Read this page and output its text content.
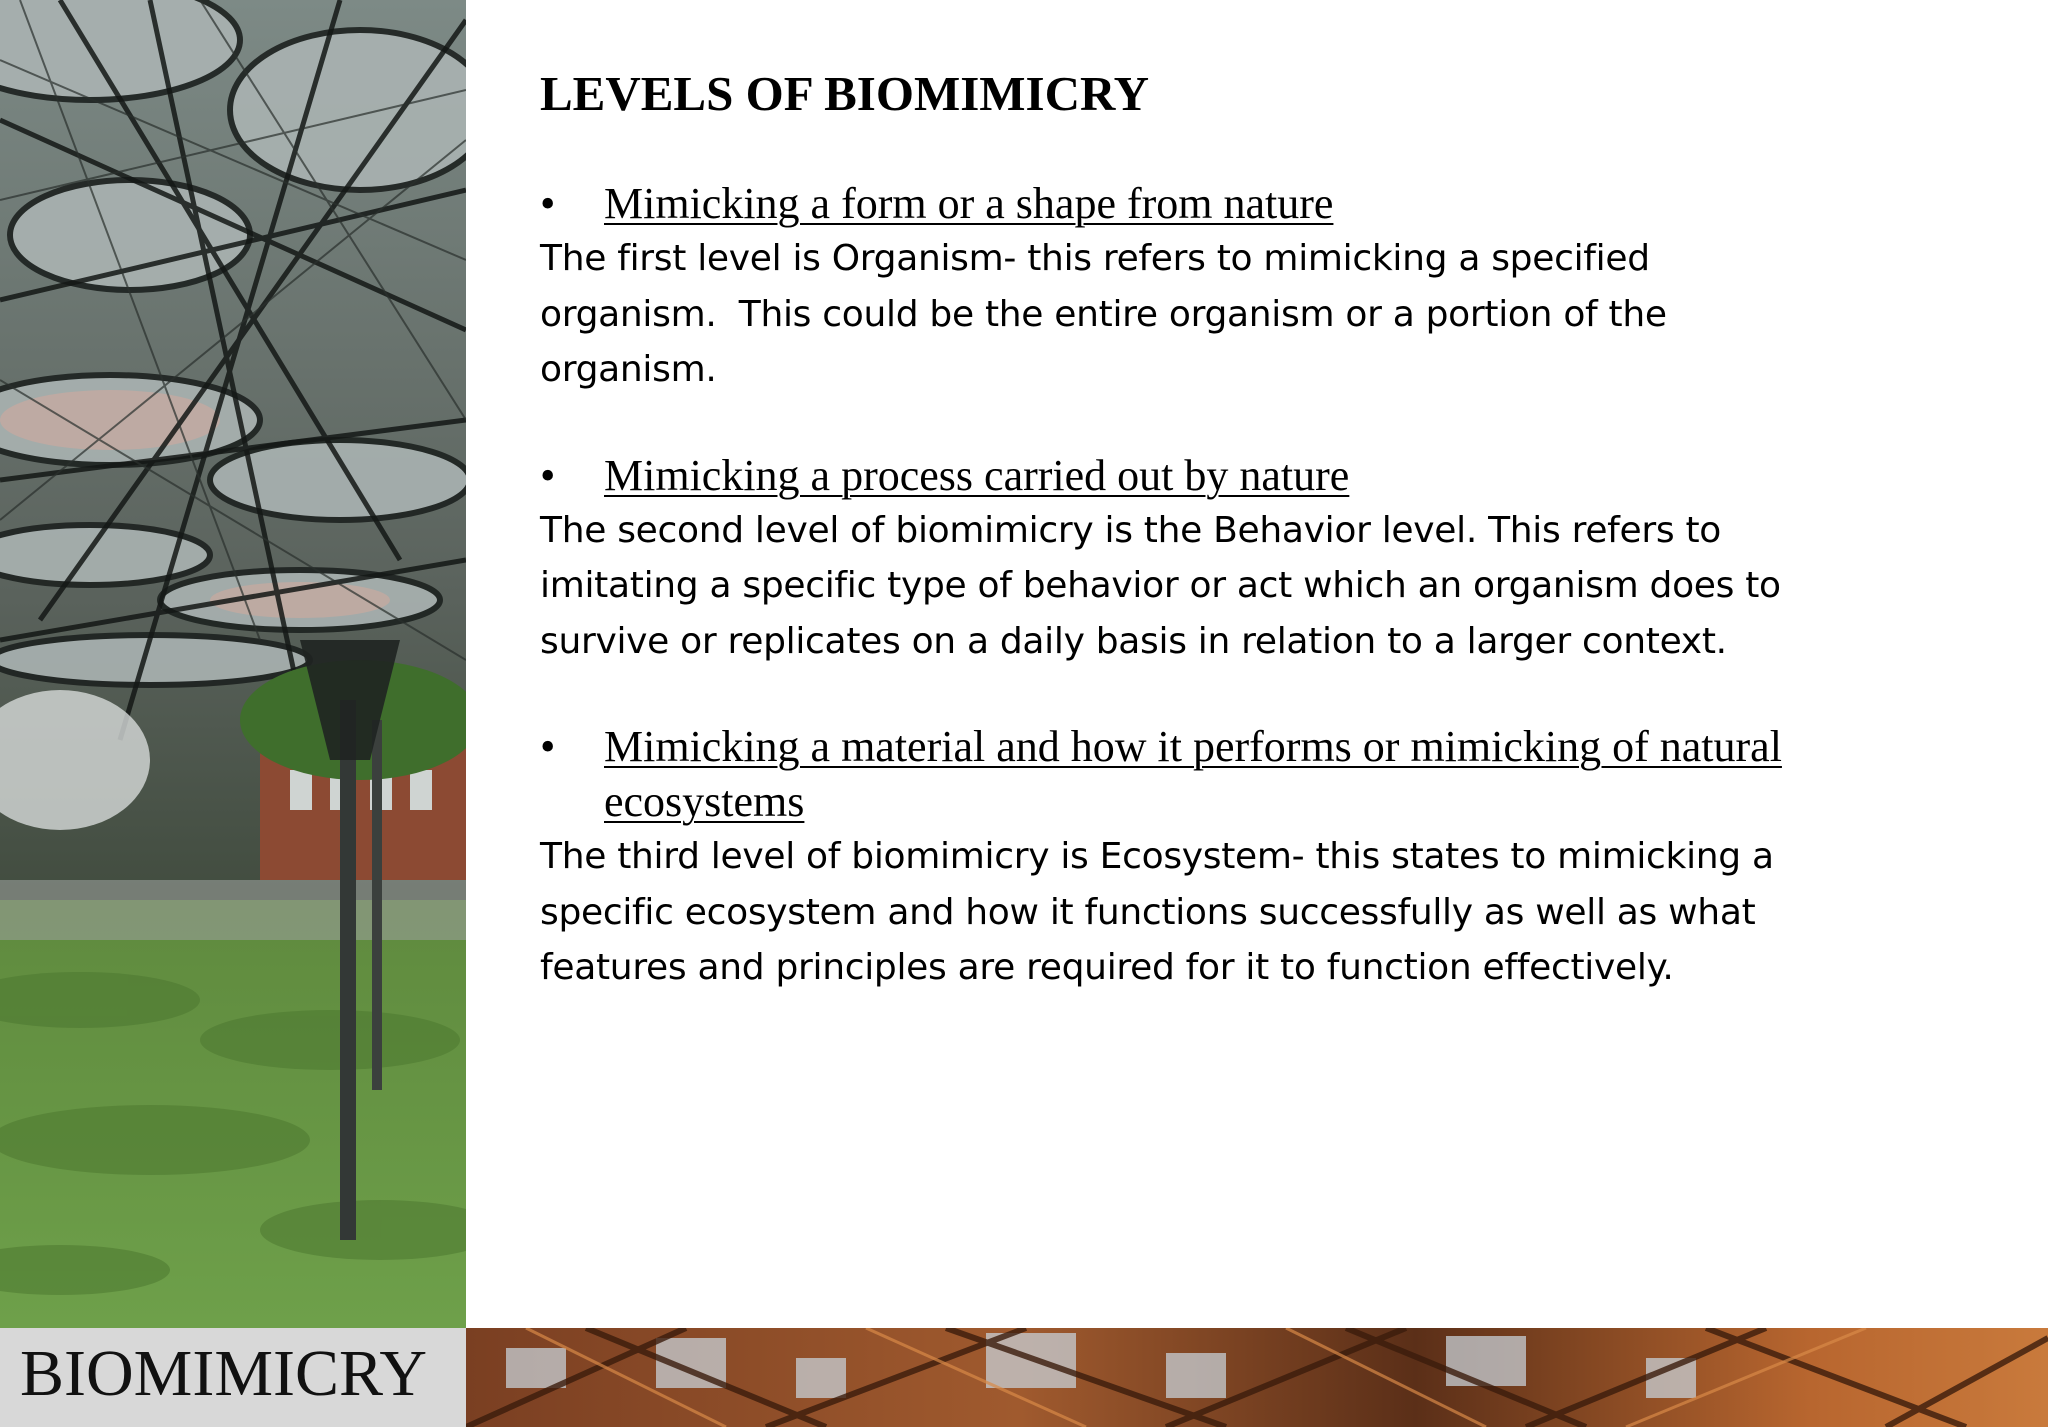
BIOMIMICRY
LEVELS OF BIOMIMICRY
•	Mimicking a form or a shape from nature

The first level is Organism- this refers to mimicking a specified organism.  This could be the entire organism or a portion of the organism.

•	Mimicking a process carried out by nature

The second level of biomimicry is the Behavior level. This refers to imitating a specific type of behavior or act which an organism does to survive or replicates on a daily basis in relation to a larger context.

•	Mimicking a material and how it performs or mimicking of natural ecosystems

The third level of biomimicry is Ecosystem- this states to mimicking a specific ecosystem and how it functions successfully as well as what features and principles are required for it to function effectively.
